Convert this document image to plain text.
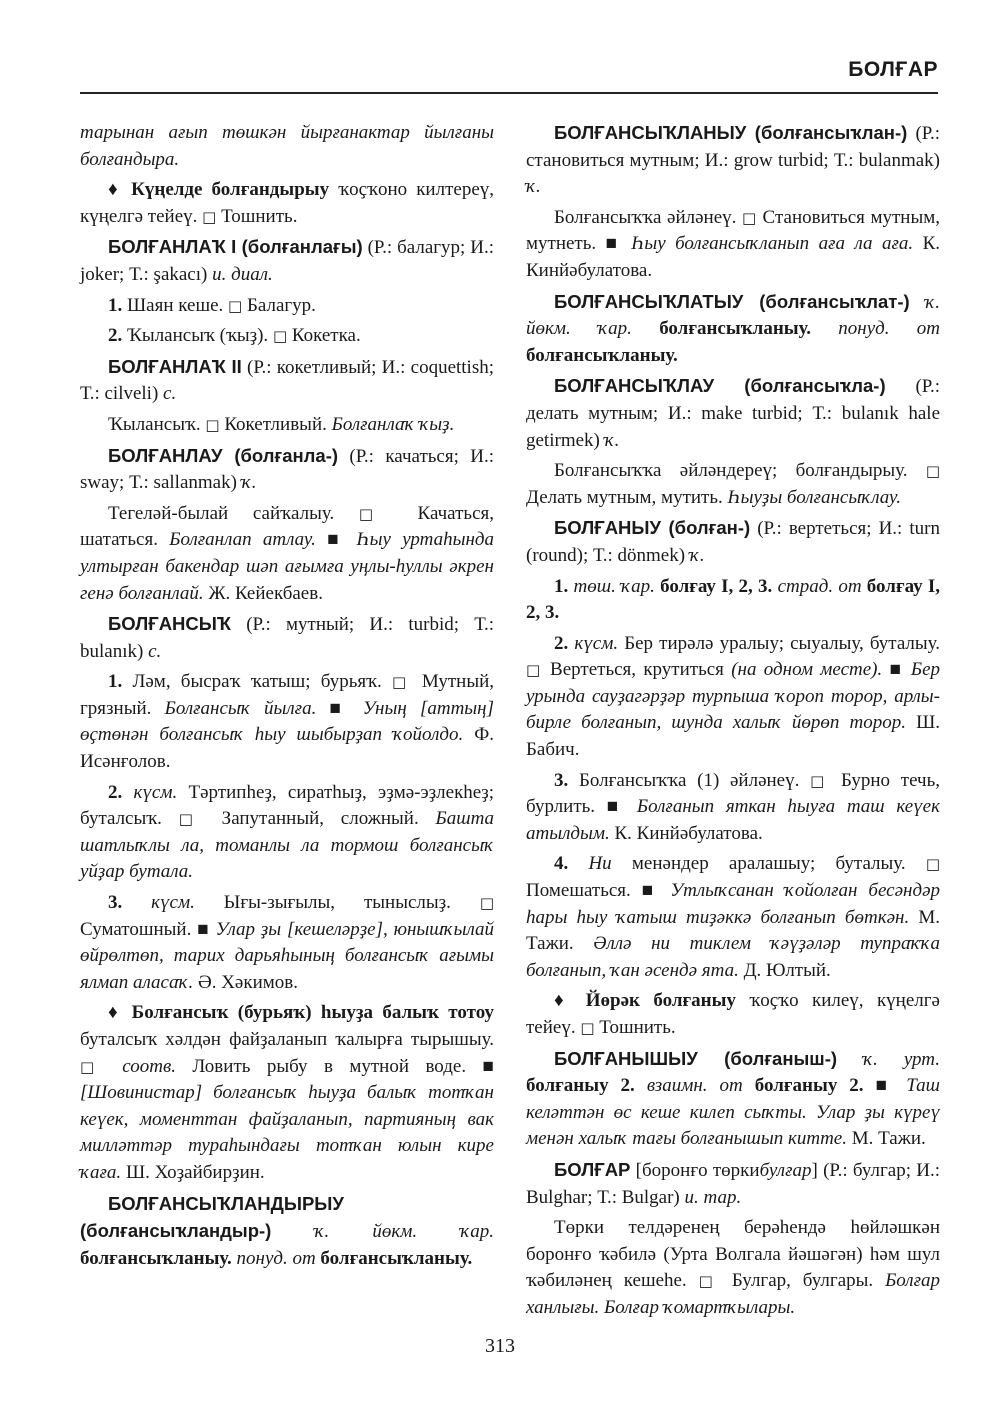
БОЛҒАР

тарынан ағып төшкән йырғанактар йылғаны болғандыра.

♦ Күңелде болғандырыу ҡоҫҡоно килтереү, күңелгә тейеү. □ Тошнить.

БОЛҒАНЛАҠ I (болғанлағы) (Р.: балагур; И.: joker; Т.: şakacı) и. диал.

1. Шаян кеше. □ Балагур.

2. Ҡылансыҡ (ҡыҙ). □ Кокетка.

БОЛҒАНЛАҠ II (Р.: кокетливый; И.: coquettish; Т.: cilveli) с.

Ҡылансыҡ. □ Кокетливый. Болғанлаҡ ҡыҙ.

БОЛҒАНЛАУ (болғанла-) (Р.: качаться; И.: sway; Т.: sallanmak) ҡ.

Тегеләй-былай сайҡалыу. □ Качаться, шататься. Болғанлап атлау. ■ Һыу уртаһында ултырған бакендар шәп ағымға уңлы-һуллы әкрен генә болғанлай. Ж. Кейекбаев.

БОЛҒАНСЫҠ (Р.: мутный; И.: turbid; Т.: bulanık) с.

1. Ләм, бысраҡ ҡатыш; бурьяҡ. □ Мутный, грязный. Болғансыҡ йылға. ■ Уның [аттың] өҫтөнән болғансыҡ һыу шыбырҙап ҡойолдо. Ф. Исәнғолов.

2. күсм. Тәртипһеҙ, сиратһыҙ, эҙмә-эҙлекһеҙ; буталсыҡ. □ Запутанный, сложный. Башта шатлыҡлы ла, томанлы ла тормош болғансыҡ уйҙар бутала.

3. күсм. Ығы-зығылы, тыныслыҙ. □ Суматошный. ■ Улар ҙы [кешеләрҙе], юнышҡылай өйрөлтөп, тарих дарьяһының болғансыҡ ағымы ялмап алаcаҡ. Ә. Хәкимов.

♦ Болғансыҡ (бурьяҡ) һыуҙа балыҡ тотоу буталсыҡ хәлдән файҙаланып ҡалырға тырышыу. □ соотв. Ловить рыбу в мутной воде. ■ [Шовинистар] болғансыҡ һыуҙа балыҡ тотҡан кеүек, моменттан файҙаланып, партияның вак милләттәр тураһындағы тотҡан юлын кире ҡаға. Ш. Хоҙайбирҙин.

БОЛҒАНСЫҠЛАНДЫРЫУ (болғансыҡландыр-) ҡ. йөкм. ҡар. болғансыҡланыу. понуд. от болғансыҡланыу.

БОЛҒАНСЫҠЛАНЫУ (болғансыҡлан-) (Р.: становиться мутным; И.: grow turbid; Т.: bulanmak) ҡ.

Болғансыҡҡа әйләнеү. □ Становиться мутным, мутнеть. ■ Һыу болғансыҡланып аға ла аға. К. Кинйәбулатова.

БОЛҒАНСЫҠЛАТЫУ (болғансыҡлат-) ҡ. йөкм. ҡар. болғансыҡланыу. понуд. от болғансыҡланыу.

БОЛҒАНСЫҠЛАУ (болғансыҡла-) (Р.: делать мутным; И.: make turbid; Т.: bulanık hale getirmek) ҡ.

Болғансыҡҡа әйләндереү; болғандырыу. □ Делать мутным, мутить. Һыуҙы болғансыҡлау.

БОЛҒАНЫУ (болған-) (Р.: вертеться; И.: turn (round); Т.: dönmek) ҡ.

1. төш. ҡар. болғау I, 2, 3. страд. от болғау I, 2, 3.

2. күсм. Бер тирәлә уралыу; сыуалыу, буталыу. □ Вертеться, крутиться (на одном месте). ■ Бер урында сауҙагәрҙәр турпыша ҡороп торор, арлы-бирле болғанып, шунда халыҡ йөрөп торор. Ш. Бабич.

3. Болғансыҡҡа (1) әйләнеү. □ Бурно течь, бурлить. ■ Болғанып яткан һыуға таш кеүек атылдым. К. Кинйәбулатова.

4. Ни менәндер аралашыу; буталыу. □ Помешаться. ■ Утлыҡсанан ҡойолған бесәндәр һары һыу ҡатыш тиҙәккә болғанып бөткән. М. Тажи. Әллә ни тиклем ҡәүҙәләр тупраҡҡа болғанып, ҡан әсендә ята. Д. Юлтый.

♦ Йөрәк болғаныу ҡоҫҡо килеү, күңелгә тейеү. □ Тошнить.

БОЛҒАНЫШЫУ (болғаныш-) ҡ. урт. болғаныу 2. взаимн. от болғаныу 2. ■ Таш келәттән өс кеше килеп сыҡты. Улар ҙы күреү менән халыҡ тағы болғанышып китте. М. Тажи.

БОЛҒАР [боронғо төркибулғар] (Р.: булгар; И.: Bulghar; Т.: Bulgar) и. тар.

Төрки телдәренең берәһендә һөйләшкән боронғо ҡәбилә (Урта Волгала йәшәгән) һәм шул ҡәбиләнең кешеһе. □ Булгар, булгары. Болғар ханлығы. Болғар ҡомартҡылары.

313
